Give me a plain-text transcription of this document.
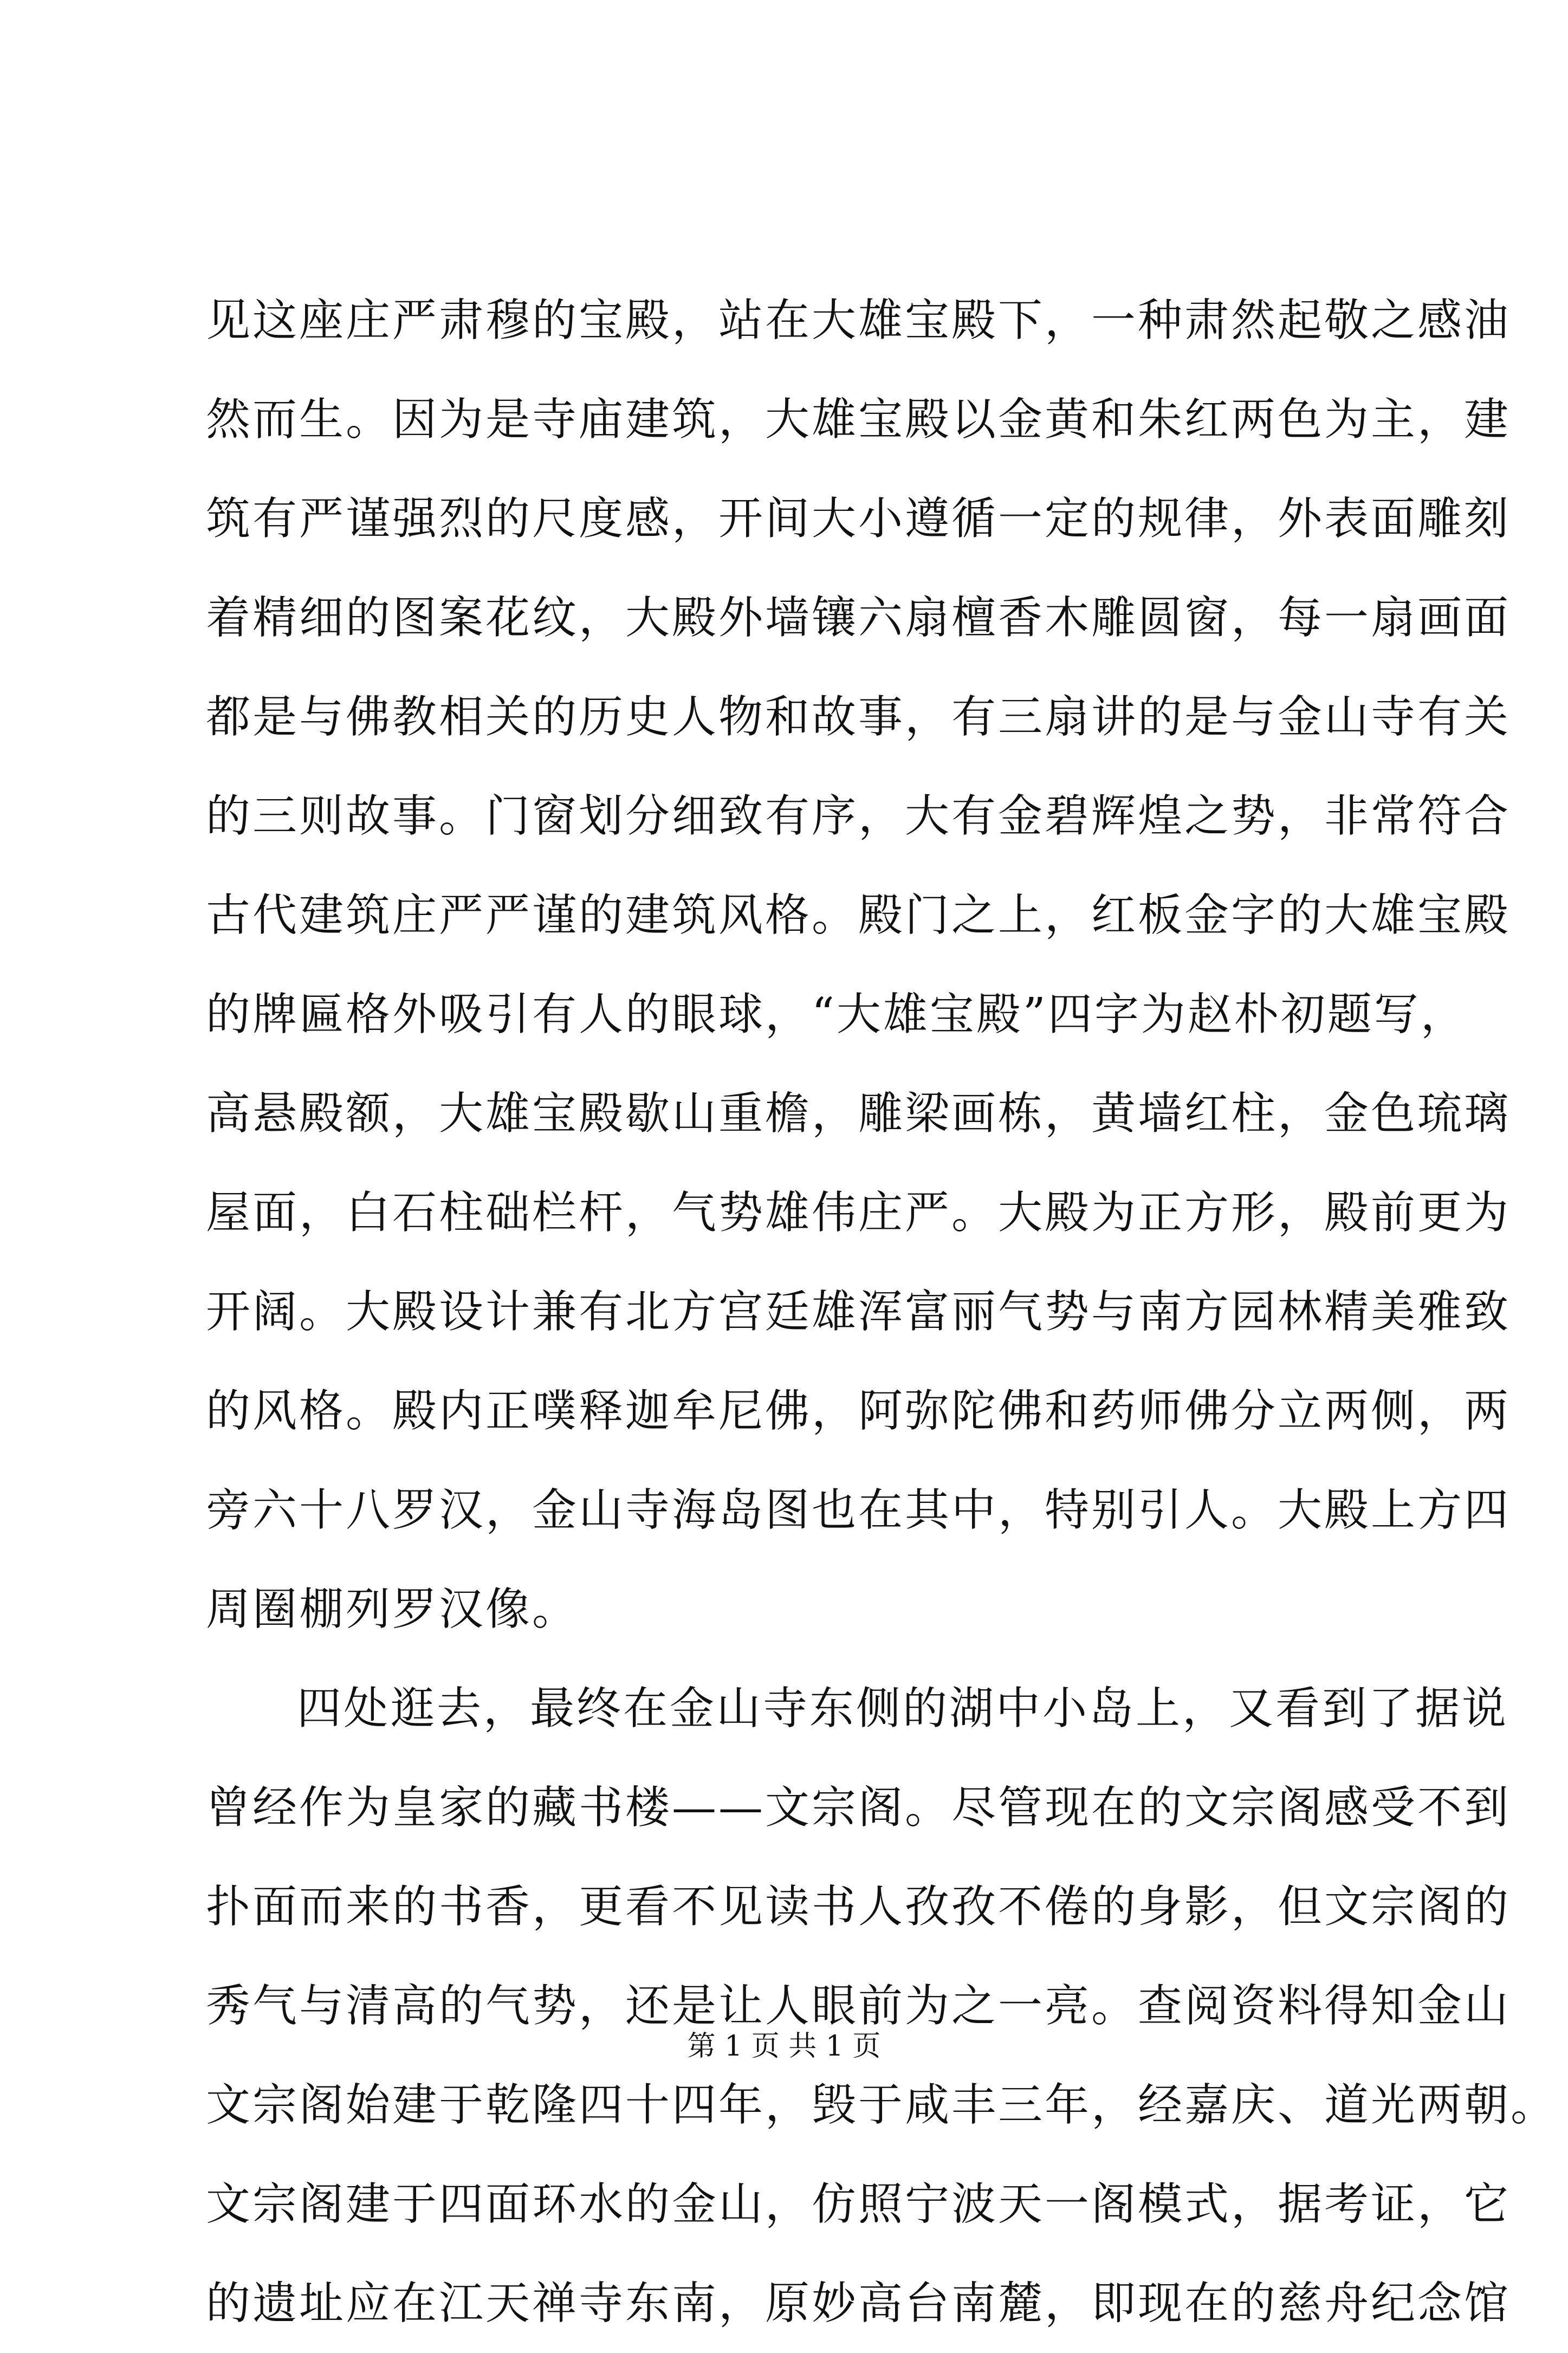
见这座庄严肃穆的宝殿，站在大雄宝殿下，一种肃然起敬之感油
然而生。因为是寺庙建筑，大雄宝殿以金黄和朱红两色为主，建
筑有严谨强烈的尺度感，开间大小遵循一定的规律，外表面雕刻
着精细的图案花纹，大殿外墙镶六扇檀香木雕圆窗，每一扇画面
都是与佛教相关的历史人物和故事，有三扇讲的是与金山寺有关
的三则故事。门窗划分细致有序，大有金碧辉煌之势，非常符合
古代建筑庄严严谨的建筑风格。殿门之上，红板金字的大雄宝殿
的牌匾格外吸引有人的眼球，“大雄宝殿”四字为赵朴初题写，
高悬殿额，大雄宝殿歇山重檐，雕梁画栋，黄墙红柱，金色琉璃
屋面，白石柱础栏杆，气势雄伟庄严。大殿为正方形，殿前更为
开阔。大殿设计兼有北方宫廷雄浑富丽气势与南方园林精美雅致
的风格。殿内正噗释迦牟尼佛，阿弥陀佛和药师佛分立两侧，两
旁六十八罗汉，金山寺海岛图也在其中，特别引人。大殿上方四
周圈棚列罗汉像。
四处逛去，最终在金山寺东侧的湖中小岛上，又看到了据说
曾经作为皇家的藏书楼——文宗阁。尽管现在的文宗阁感受不到
扑面而来的书香，更看不见读书人孜孜不倦的身影，但文宗阁的
秀气与清高的气势，还是让人眼前为之一亮。查阅资料得知金山
文宗阁始建于乾隆四十四年，毁于咸丰三年，经嘉庆、道光两朝。
文宗阁建于四面环水的金山，仿照宁波天一阁模式，据考证，它
的遗址应在江天禅寺东南，原妙高台南麓，即现在的慈舟纪念馆
第 1 页 共 1 页
